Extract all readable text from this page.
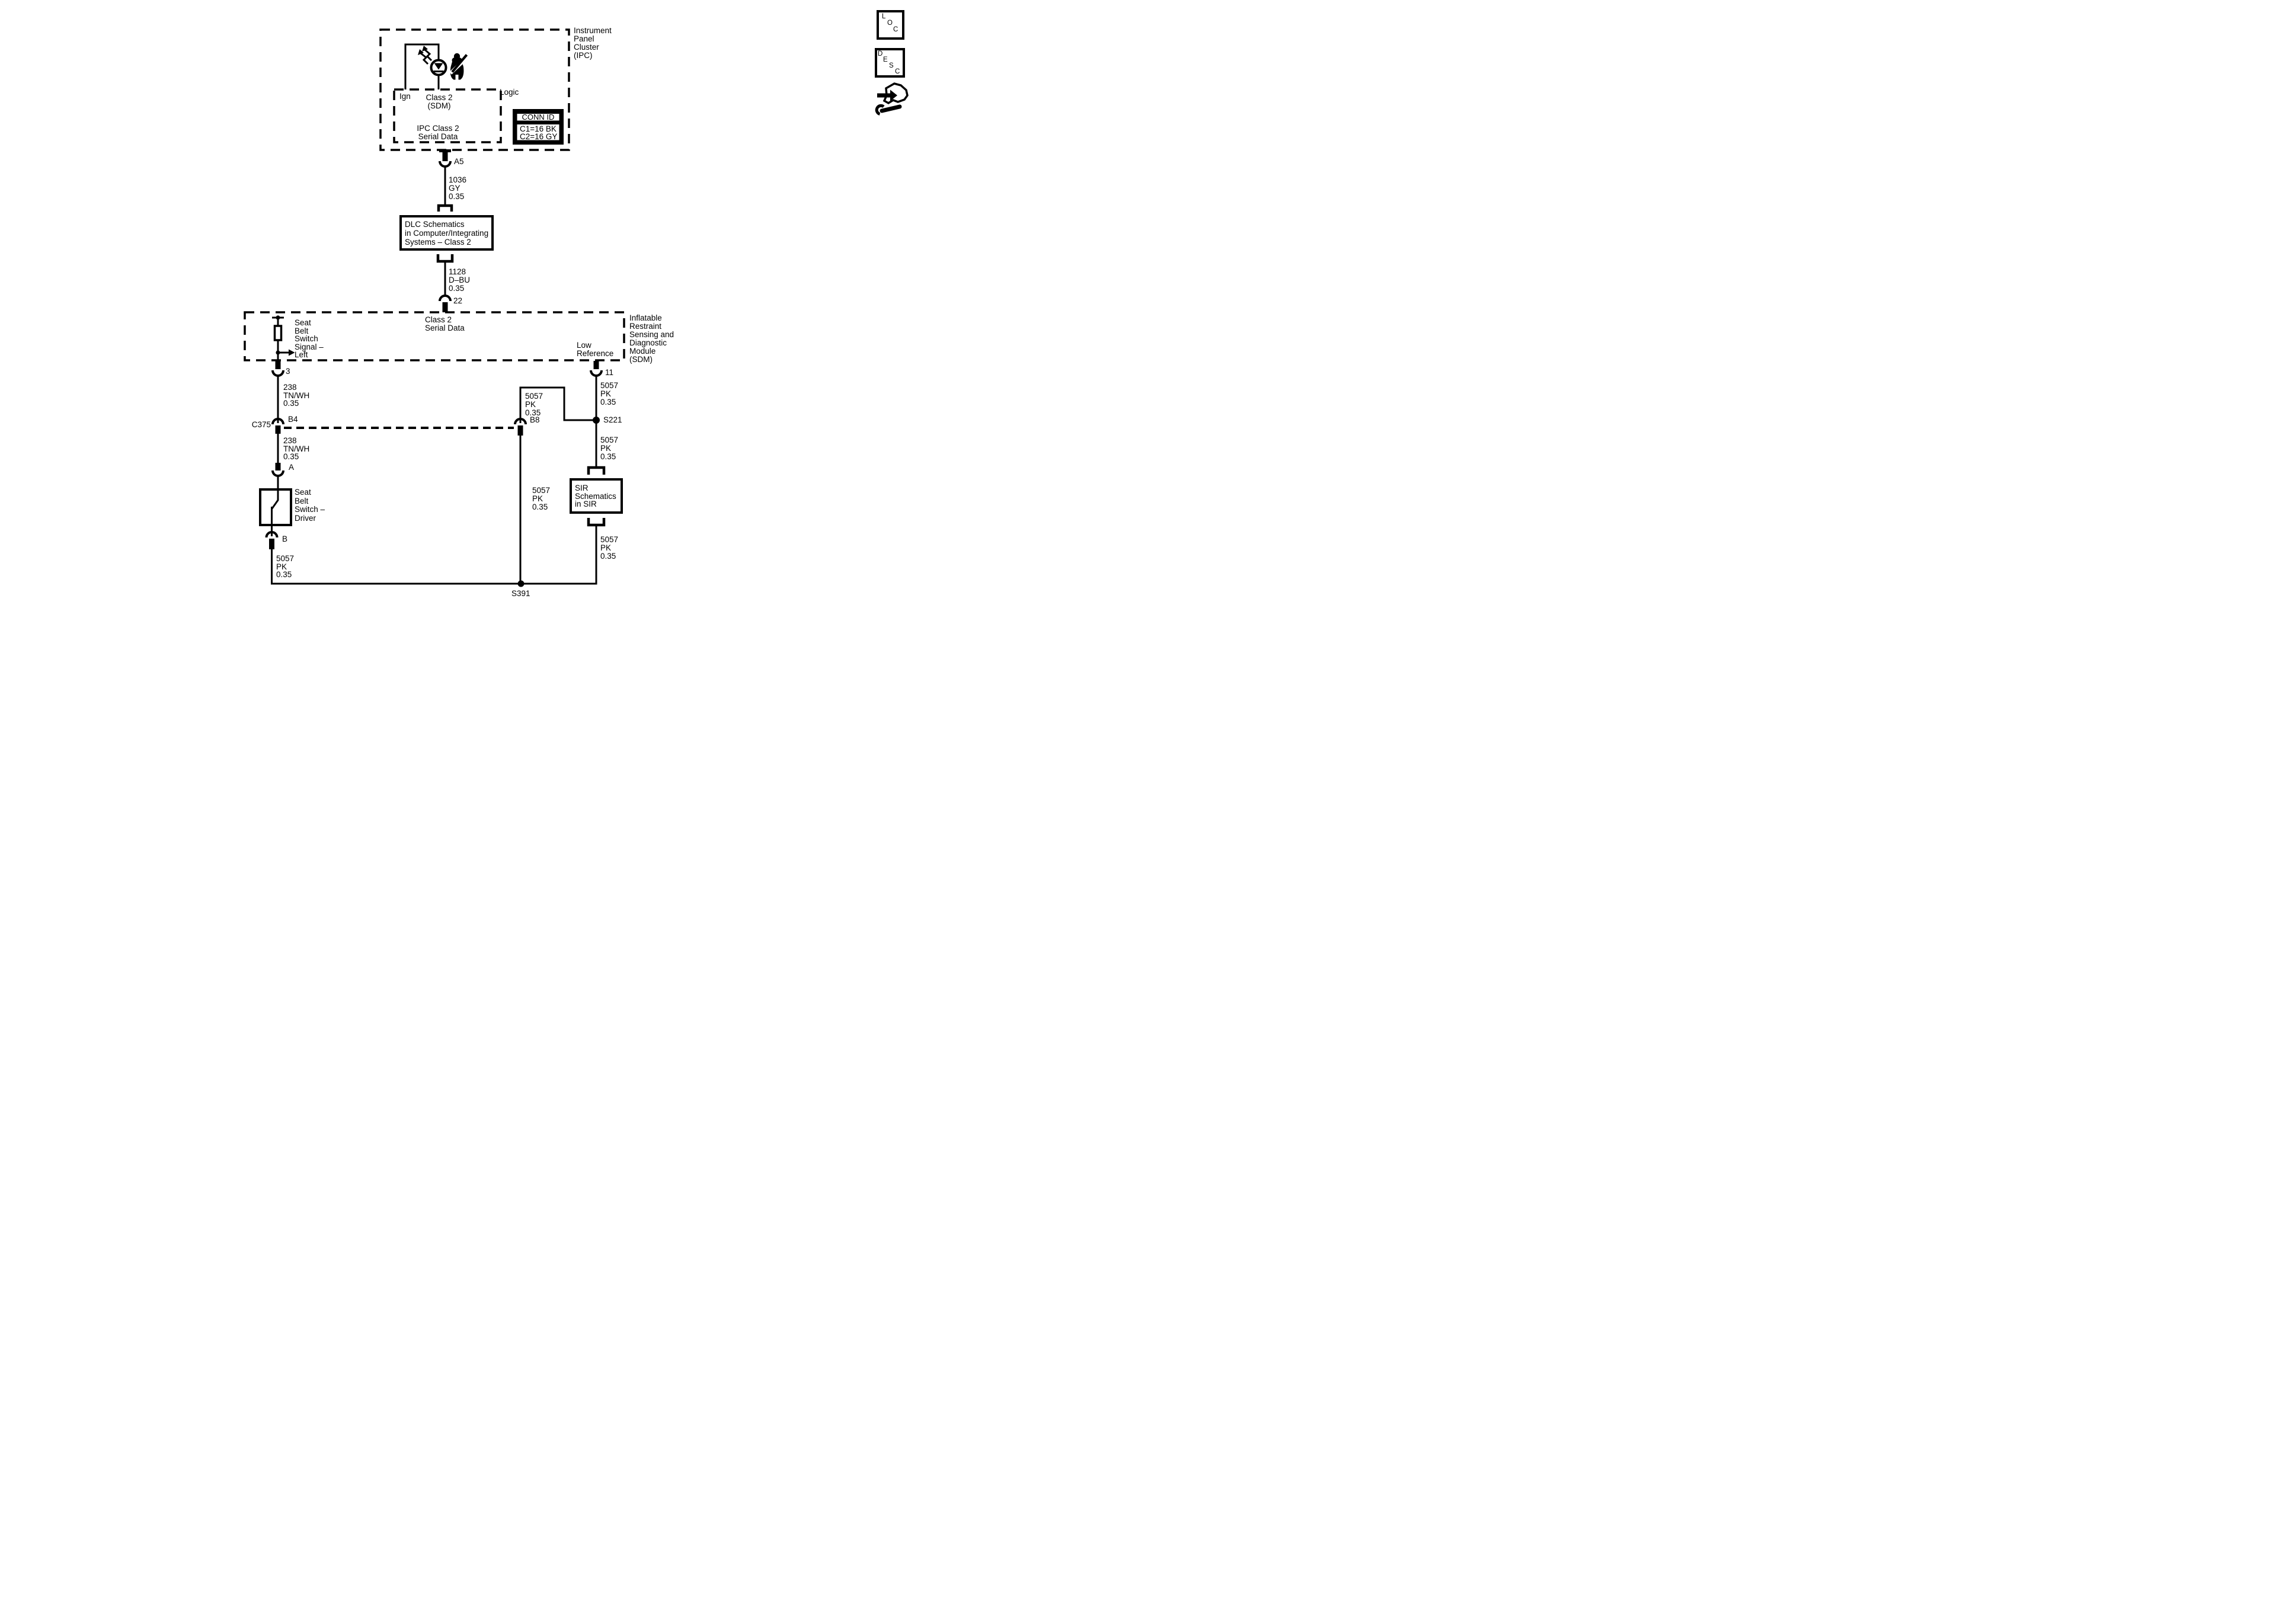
L
O
C
D
E
S
C
Instrument
Panel
Cluster
(IPC)
Logic
Ign	Class 2
(SDM)
IPC Class 2
Serial Data
CONN ID
C1=16 BK
C2=16 GY
A5
1036
GY
0.35
DLC Schematics
in Computer/Integrating
Systems – Class 2
1128
D–BU
0.35
22
Class 2
Serial Data
Inflatable
Restraint
Sensing and
Diagnostic
Module
(SDM)
Seat
Belt
Switch
Signal –
Left
Low
Reference
3	11
238
TN/WH
0.35
C375
B4	B8
5057
PK
0.35
5057
PK
0.35
5057
PK
0.35
5057
PK
0.35
5057
PK
0.35
5057
PK
0.35
S221
S391
238
TN/WH
0.35
A
Seat
Belt
Switch –
Driver
B
SIR
Schematics
in SIR
